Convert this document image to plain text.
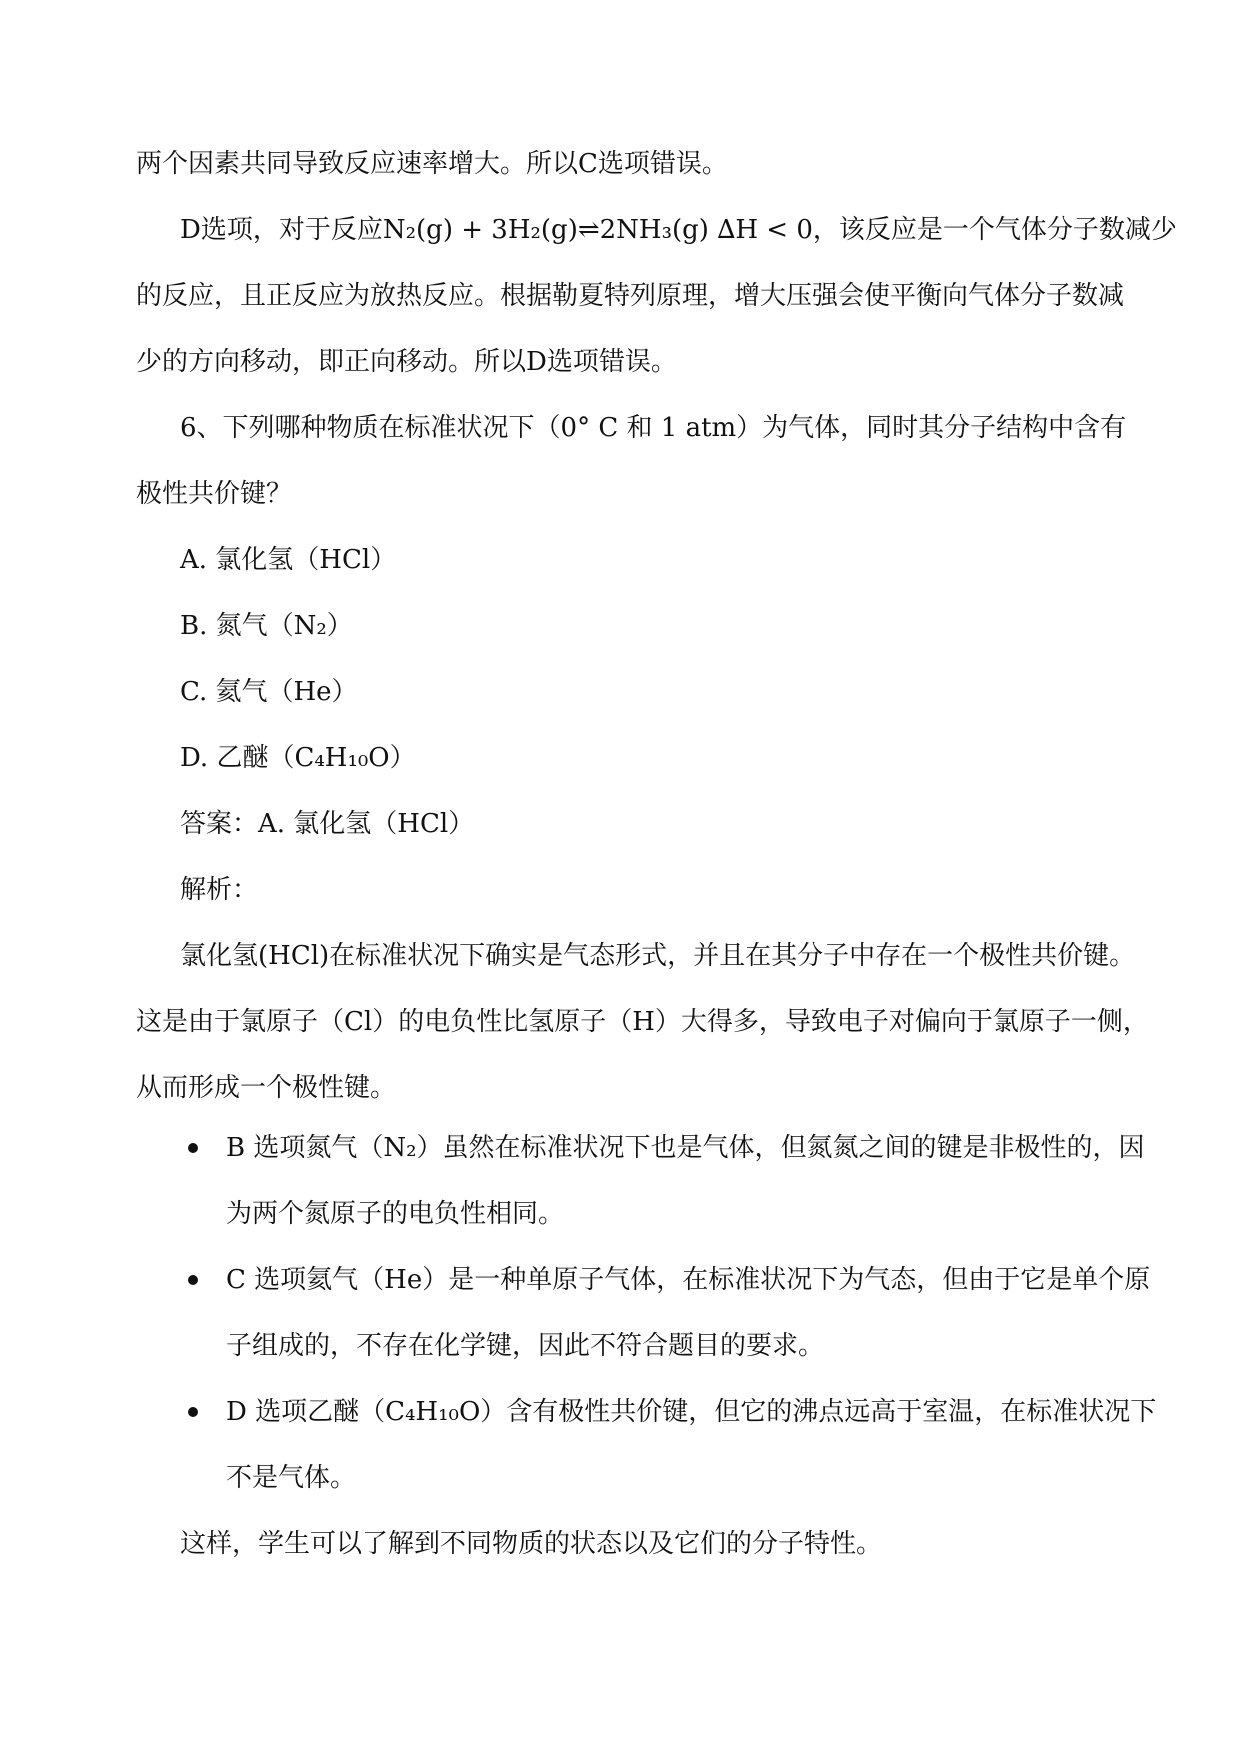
两个因素共同导致反应速率增大。所以C选项错误。
D选项，对于反应N₂(g) + 3H₂(g)⇌2NH₃(g) ∆H < 0，该反应是一个气体分子数减少
的反应，且正反应为放热反应。根据勒夏特列原理，增大压强会使平衡向气体分子数减
少的方向移动，即正向移动。所以D选项错误。
6、下列哪种物质在标准状况下（0° C 和 1 atm）为气体，同时其分子结构中含有
极性共价键？
A. 氯化氢（HCl）
B. 氮气（N₂）
C. 氦气（He）
D. 乙醚（C₄H₁₀O）
答案：A. 氯化氢（HCl）
解析：
氯化氢(HCl)在标准状况下确实是气态形式，并且在其分子中存在一个极性共价键。
这是由于氯原子（Cl）的电负性比氢原子（H）大得多，导致电子对偏向于氯原子一侧，
从而形成一个极性键。
B 选项氮气（N₂）虽然在标准状况下也是气体，但氮氮之间的键是非极性的，因
为两个氮原子的电负性相同。
C 选项氦气（He）是一种单原子气体，在标准状况下为气态，但由于它是单个原
子组成的，不存在化学键，因此不符合题目的要求。
D 选项乙醚（C₄H₁₀O）含有极性共价键，但它的沸点远高于室温，在标准状况下
不是气体。
这样，学生可以了解到不同物质的状态以及它们的分子特性。
